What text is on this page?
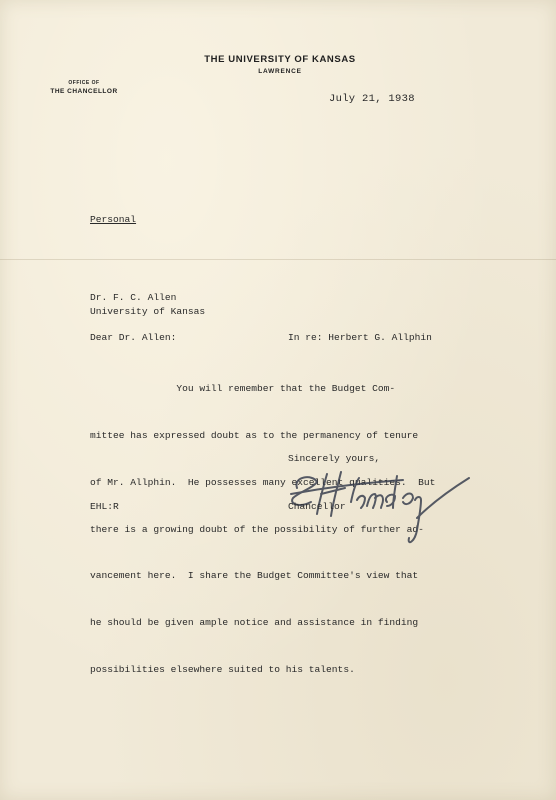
THE UNIVERSITY OF KANSAS
LAWRENCE
OFFICE OF
THE CHANCELLOR
July 21, 1938
Personal
Dr. F. C. Allen
University of Kansas
Dear Dr. Allen:	In re: Herbert G. Allphin

You will remember that the Budget Com-

mittee has expressed doubt as to the permanency of tenure

of Mr. Allphin.  He possesses many excellent qualities.  But

there is a growing doubt of the possibility of further ad-

vancement here.  I share the Budget Committee's view that

he should be given ample notice and assistance in finding

possibilities elsewhere suited to his talents.

Sincerely yours,
Chancellor
EHL:R
